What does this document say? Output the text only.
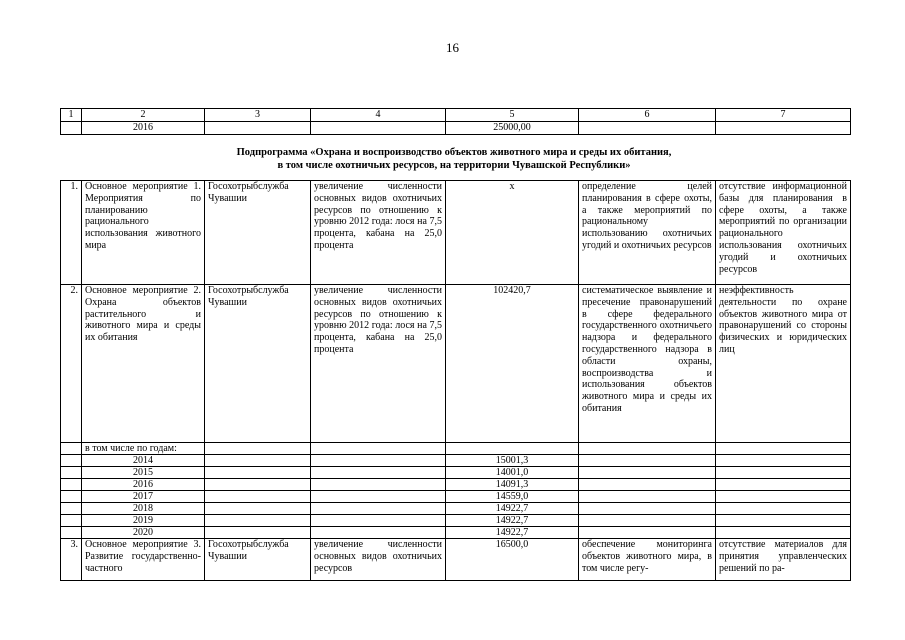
16
1	2	3	4	5	6	7
	2016			25000,00		
Подпрограмма «Охрана и воспроизводство объектов животного мира и среды их обитания,
в том числе охотничьих ресурсов, на территории Чувашской Республики»
1.	Основное мероприятие 1. Мероприятия по планированию рационального использования животного мира	Госохотрыбслужба Чувашии	увеличение численности основных видов охотничьих ресурсов по отношению к уровню 2012 года: лося на 7,5 процента, кабана на 25,0 процента	х	определение целей планирования в сфере охоты, а также мероприятий по рациональному использованию охотничьих угодий и охотничьих ресурсов	отсутствие информационной базы для планирования в сфере охоты, а также мероприятий по организации рационального использования охотничьих угодий и охотничьих ресурсов
2.	Основное мероприятие 2. Охрана объектов растительного и животного мира и среды их обитания	Госохотрыбслужба Чувашии	увеличение численности основных видов охотничьих ресурсов по отношению к уровню 2012 года: лося на 7,5 процента, кабана на 25,0 процента	102420,7	систематическое выявление и пресечение правонарушений в сфере федерального государственного охотничьего надзора и федерального государственного надзора в области охраны, воспроизводства и использования объектов животного мира и среды их обитания	неэффективность деятельности по охране объектов животного мира от правонарушений со стороны физических и юридических лиц
	в том числе по годам:					
	2014			15001,3		
	2015			14001,0		
	2016			14091,3		
	2017			14559,0		
	2018			14922,7		
	2019			14922,7		
	2020			14922,7		
3.	Основное мероприятие 3. Развитие государственно-частного	Госохотрыбслужба Чувашии	увеличение численности основных видов охотничьих ресурсов	16500,0	обеспечение мониторинга объектов животного мира, в том числе регу-	отсутствие материалов для принятия управленческих решений по ра-
